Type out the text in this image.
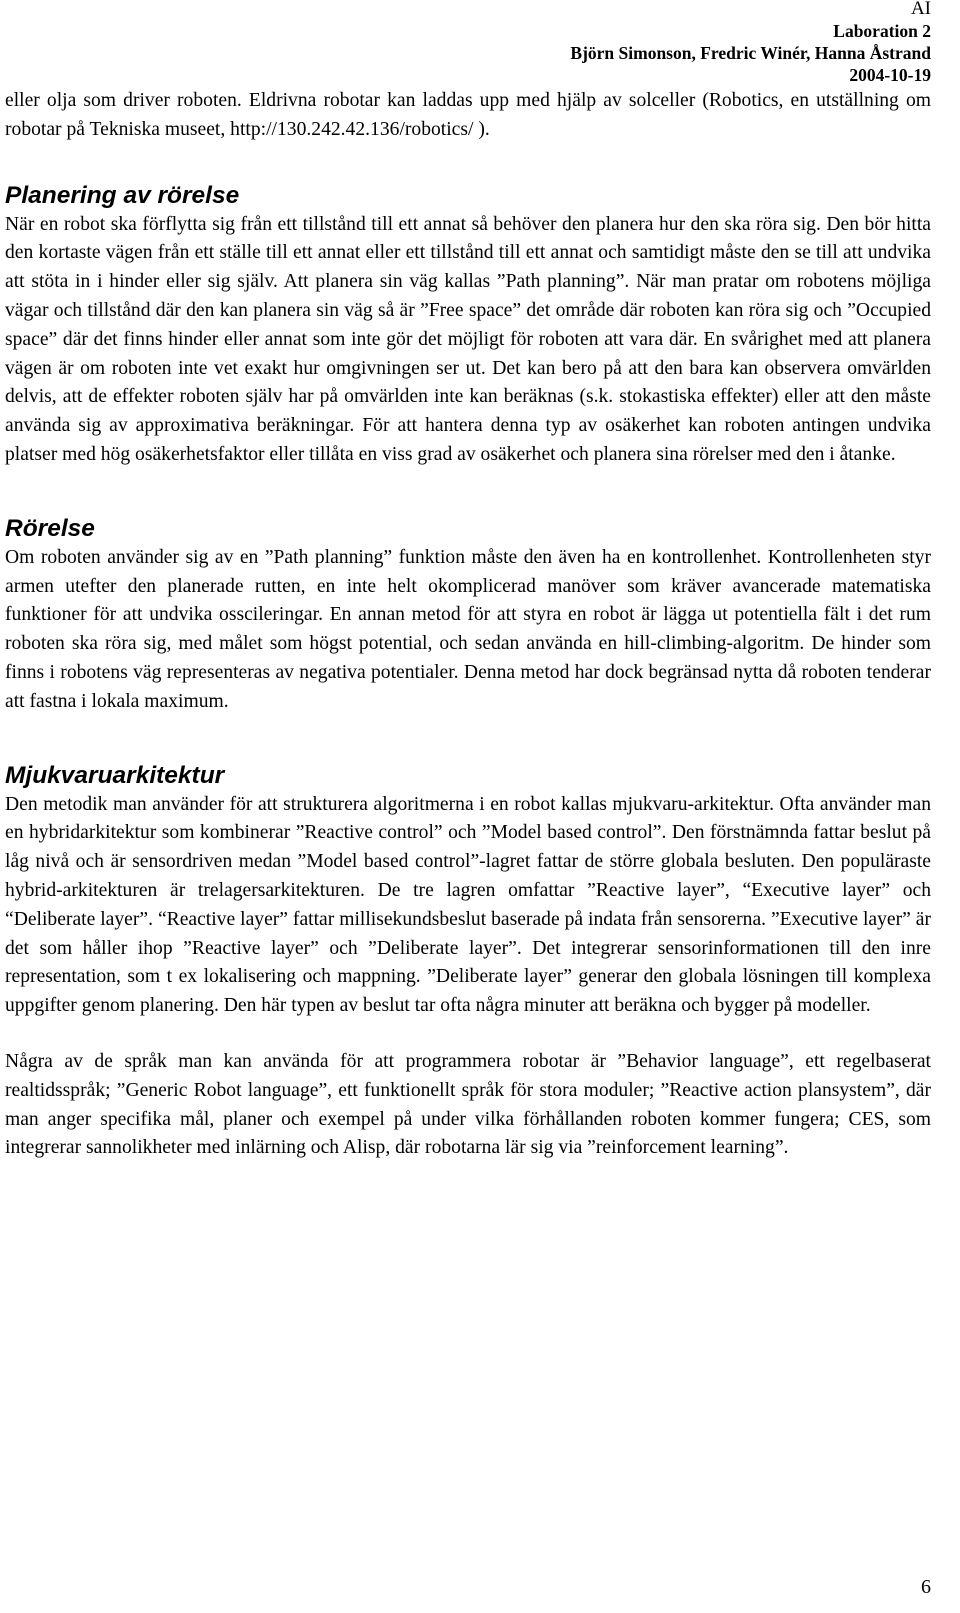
AI
Laboration 2
Björn Simonson, Fredric Winér, Hanna Åstrand
2004-10-19

eller olja som driver roboten. Eldrivna robotar kan laddas upp med hjälp av solceller (Robotics, en utställning om robotar på Tekniska museet, http://130.242.42.136/robotics/ ).

Planering av rörelse

När en robot ska förflytta sig från ett tillstånd till ett annat så behöver den planera hur den ska röra sig. Den bör hitta den kortaste vägen från ett ställe till ett annat eller ett tillstånd till ett annat och samtidigt måste den se till att undvika att stöta in i hinder eller sig själv. Att planera sin väg kallas ”Path planning”. När man pratar om robotens möjliga vägar och tillstånd där den kan planera sin väg så är ”Free space” det område där roboten kan röra sig och ”Occupied space” där det finns hinder eller annat som inte gör det möjligt för roboten att vara där. En svårighet med att planera vägen är om roboten inte vet exakt hur omgivningen ser ut. Det kan bero på att den bara kan observera omvärlden delvis, att de effekter roboten själv har på omvärlden inte kan beräknas (s.k. stokastiska effekter) eller att den måste använda sig av approximativa beräkningar. För att hantera denna typ av osäkerhet kan roboten antingen undvika platser med hög osäkerhetsfaktor eller tillåta en viss grad av osäkerhet och planera sina rörelser med den i åtanke.

Rörelse

Om roboten använder sig av en ”Path planning” funktion måste den även ha en kontrollenhet. Kontrollenheten styr armen utefter den planerade rutten, en inte helt okomplicerad manöver som kräver avancerade matematiska funktioner för att undvika osscileringar. En annan metod för att styra en robot är lägga ut potentiella fält i det rum roboten ska röra sig, med målet som högst potential, och sedan använda en hill-climbing-algoritm. De hinder som finns i robotens väg representeras av negativa potentialer. Denna metod har dock begränsad nytta då roboten tenderar att fastna i lokala maximum.

Mjukvaruarkitektur

Den metodik man använder för att strukturera algoritmerna i en robot kallas mjukvaru-arkitektur. Ofta använder man en hybridarkitektur som kombinerar ”Reactive control” och ”Model based control”. Den förstnämnda fattar beslut på låg nivå och är sensordriven medan ”Model based control”-lagret fattar de större globala besluten. Den populäraste hybrid-arkitekturen är trelagersarkitekturen. De tre lagren omfattar ”Reactive layer”, “Executive layer” och “Deliberate layer”. “Reactive layer” fattar millisekundsbeslut baserade på indata från sensorerna. ”Executive layer” är det som håller ihop ”Reactive layer” och ”Deliberate layer”. Det integrerar sensorinformationen till den inre representation, som t ex lokalisering och mappning. ”Deliberate layer” generar den globala lösningen till komplexa uppgifter genom planering. Den här typen av beslut tar ofta några minuter att beräkna och bygger på modeller.

Några av de språk man kan använda för att programmera robotar är ”Behavior language”, ett regelbaserat realtidsspråk; ”Generic Robot language”, ett funktionellt språk för stora moduler; ”Reactive action plansystem”, där man anger specifika mål, planer och exempel på under vilka förhållanden roboten kommer fungera; CES, som integrerar sannolikheter med inlärning och Alisp, där robotarna lär sig via ”reinforcement learning”.

6
